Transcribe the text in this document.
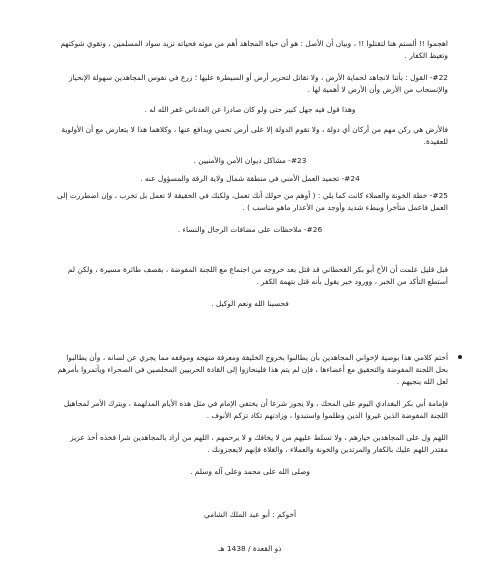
اهجموا !! ألستم هنا لتقتلوا !! ، وبيان أن الأصل : هو أن حياة المجاهد أهم من موته فحياته تزيد سواد المسلمين ، وتقوي شوكتهم وتغيظ الكفار .

#22- القول : بأننا لانجاهد لحماية الأرض ، ولا نقاتل لتحرير أرض أو السيطرة عليها ؛ زرع في نفوس المجاهدين سهولة الإنحياز والإنسحاب من الأرض وأن الأرض لا أهمية لها .

وهذا قول فيه جهل كبير حتى ولو كان صادرا عن العدناني غفر الله له .

فالأرض هي ركن مهم من أركان أي دولة ، ولا تقوم الدولة إلا على أرض تحمي ويدافع عنها ، وكلاهما هذا لا يتعارض مع أن الأولوية للعقيدة.

#23- مشاكل ديوان الأمن والأمنيين .

#24- تجميد العمل الأمني في منطقة شمال ولاية الرقة والمسؤول عنه .

#25- خطة الخونة والعملاء كانت كما يلي : ( أوهم من حولك أنك تعمل، ولكنك في الحقيقة لا تعمل بل تخرب ، وإن اضطررت إلى العمل فاعمل متأخرا وببطء شديد وأوجد من الأعذار ماهو مناسب ) .

#26- ملاحظات على مضافات الرجال والنساء .

قبل قليل علمت أن الأخ أبو بكر القحطاني قد قتل بعد خروجه من اجتماع مع اللجنة المفوضة ، بقصف طائرة مسيرة ، ولكن لم أستطع التأكد من الخبر ، وورود خبر يقول بأنه قتل بتهمة الكفر .

فحسبنا الله ونعم الوكيل .

أختم كلامي هذا بوصية لإخواني المجاهدين بأن يطالبوا بخروج الخليفة ومعرفة منهجه وموقفه مما يجري عن لسانه ، وأن يطالبوا بحل اللجنة المفوضة والتحقيق مع أعضاءها ، فإن لم يتم هذا فلينحازوا إلى القادة الحربيين المخلصين في الصحراء ويأتمروا بأمرهم لعل الله ينجيهم .

فإمامة أبي بكر البغدادي اليوم على المحك ، ولا يجوز شرعا أن يختفي الإمام في مثل هذه الأيام المدلهمة ، ويترك الأمر لمجاهيل اللجنة المفوضة الذين غيروا الدين وظلموا واستبدوا ، وزادتهم تكاد تزكم الأنوف .

اللهم ول على المجاهدين خيارهم ، ولا تسلط عليهم من لا يخافك و لا يرحمهم ، اللهم من أراد بالمجاهدين شرا فخذه أخذ عزيز مقتدر اللهم عليك بالكفار والمرتدين والخونة والعملاء ، والغلاة فإنهم لايعجزونك .

وصلى الله على محمد وعلى آله وسلم .

أخوكم : أبو عبد الملك الشامي

ذو القعدة / 1438 هـ
